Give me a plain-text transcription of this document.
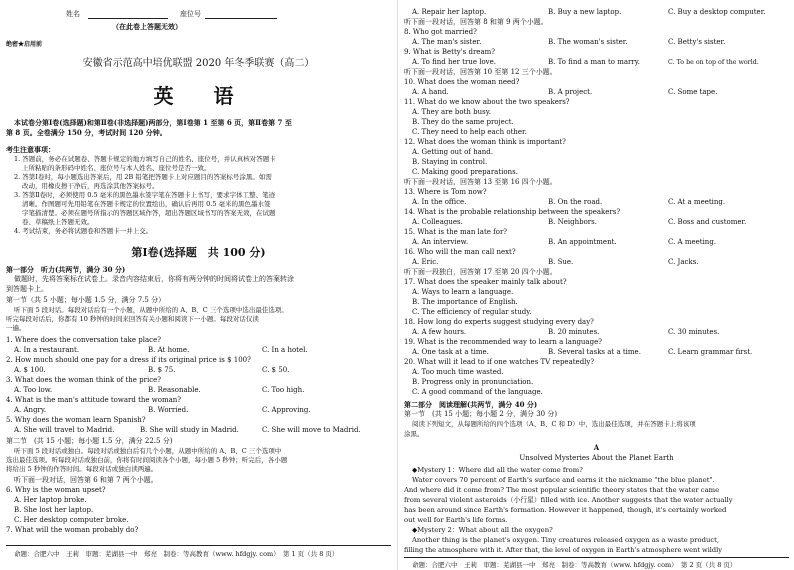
姓名	座位号
（在此卷上答题无效）
绝密★启用前
安徽省示范高中培优联盟 2020 年冬季联赛（高二）
英　语
本试卷分第Ⅰ卷(选择题)和第Ⅱ卷(非选择题)两部分，第Ⅰ卷第 1 至第 6 页，第Ⅱ卷第 7 至
第 8 页。全卷满分 150 分，考试时间 120 分钟。
考生注意事项：
1. 答题前，务必在试题卷、答题卡规定的地方填写自己的姓名、座位号，并认真核对答题卡
上所粘贴的条形码中姓名、座位号与本人姓名、座位号是否一致。
2. 答第Ⅰ卷时，每小题选出答案后，用 2B 铅笔把答题卡上对应题目的答案标号涂黑。如需
改动，用橡皮擦干净后，再选涂其他答案标号。
3. 答第Ⅱ卷时，必须使用 0.5 毫米的黑色墨水签字笔在答题卡上书写，要求字体工整、笔迹
清晰。作图题可先用铅笔在答题卡规定的位置绘出，确认后再用 0.5 毫米的黑色墨水签
字笔描清楚。必须在题号所指示的答题区域作答，超出答题区域书写的答案无效，在试题
卷、草稿纸上答题无效。
4. 考试结束，务必将试题卷和答题卡一并上交。
第Ⅰ卷(选择题　共 100 分)
第一部分　听力(共两节，满分 30 分)
做题时，先将答案标在试卷上。录音内容结束后，你将有两分钟的时间将试卷上的答案转涂
到答题卡上。
第一节（共 5 小题；每小题 1.5 分，满分 7.5 分）
听下面 5 段对话。每段对话后有一个小题，从题中所给的 A、B、C 三个选项中选出最佳选项。
听完每段对话后，你都有 10 秒钟的时间来回答有关小题和阅读下一小题。每段对话仅读
一遍。
1. Where does the conversation take place?
A. In a restaurant.	B. At home.	C. In a hotel.
2. How much should one pay for a dress if its original price is $ 100?
A. $ 100.	B. $ 75.	C. $ 50.
3. What does the woman think of the price?
A. Too low.	B. Reasonable.	C. Too high.
4. What is the man's attitude toward the woman?
A. Angry.	B. Worried.	C. Approving.
5. Why does the woman learn Spanish?
A. She will travel to Madrid.	B. She will study in Madrid.	C. She will move to Madrid.
第二节　(共 15 小题；每小题 1.5 分，满分 22.5 分)
听下面 5 段对话或独白。每段对话或独白后有几个小题，从题中所给的 A、B、C 三个选项中
选出最佳选项。听每段对话或独白前，你将有时间阅读各个小题，每小题 5 秒钟；听完后，各小题
将给出 5 秒钟的作答时间。每段对话或独白读两遍。
听下面一段对话，回答第 6 和第 7 两个小题。
6. Why is the woman upset?
A. Her laptop broke.
B. She lost her laptop.
C. Her desktop computer broke.
7. What will the woman probably do?
命题：合肥六中　王莉　审题：芜湖县一中　郑亮　制卷：等高教育（www. hfdgjy. com）　第 1 页（共 8 页）
A. Repair her laptop.	B. Buy a new laptop.	C. Buy a desktop computer.
听下面一段对话，回答第 8 和第 9 两个小题。
8. Who got married?
A. The man's sister.	B. The woman's sister.	C. Betty's sister.
9. What is Betty's dream?
A. To find her true love.	B. To find a man to marry.	C. To be on top of the world.
听下面一段对话，回答第 10 至第 12 三个小题。
10. What does the woman need?
A. A hand.	B. A project.	C. Some tape.
11. What do we know about the two speakers?
A. They are both busy.
B. They do the same project.
C. They need to help each other.
12. What does the woman think is important?
A. Getting out of hand.
B. Staying in control.
C. Making good preparations.
听下面一段对话，回答第 13 至第 16 四个小题。
13. Where is Tom now?
A. In the office.	B. On the road.	C. At a meeting.
14. What is the probable relationship between the speakers?
A. Colleagues.	B. Neighbors.	C. Boss and customer.
15. What is the man late for?
A. An interview.	B. An appointment.	C. A meeting.
16. Who will the man call next?
A. Eric.	B. Sue.	C. Jacks.
听下面一段独白，回答第 17 至第 20 四个小题。
17. What does the speaker mainly talk about?
A. Ways to learn a language.
B. The importance of English.
C. The efficiency of regular study.
18. How long do experts suggest studying every day?
A. A few hours.	B. 20 minutes.	C. 30 minutes.
19. What is the recommended way to learn a language?
A. One task at a time.	B. Several tasks at a time.	C. Learn grammar first.
20. What will it lead to if one watches TV repeatedly?
A. Too much time wasted.
B. Progress only in pronunciation.
C. A good command of the language.
第二部分　阅读理解(共两节，满分 40 分)
第一节　(共 15 小题；每小题 2 分，满分 30 分)
阅读下列短文，从每题所给的四个选项（A、B、C 和 D）中，选出最佳选项，并在答题卡上将该项
涂黑。
A
Unsolved Mysteries About the Planet Earth
◆Mystery 1：Where did all the water come from?
Water covers 70 percent of Earth's surface and earns it the nickname "the blue planet".
And where did it come from? The most popular scientific theory states that the water came
from several violent asteroids（小行星）filled with ice. Another suggests that the water actually
has been around since Earth's formation. However it happened, though, it's certainly worked
out well for Earth's life forms.
◆Mystery 2：What about all the oxygen?
Another thing is the planet's oxygen. Tiny creatures released oxygen as a waste product,
filling the atmosphere with it. After that, the level of oxygen in Earth's atmosphere went wildly
命题：合肥六中　王莉　审题：芜湖县一中　郑亮　制卷：等高教育（www. hfdgjy. com）　第 2 页（共 8 页）
